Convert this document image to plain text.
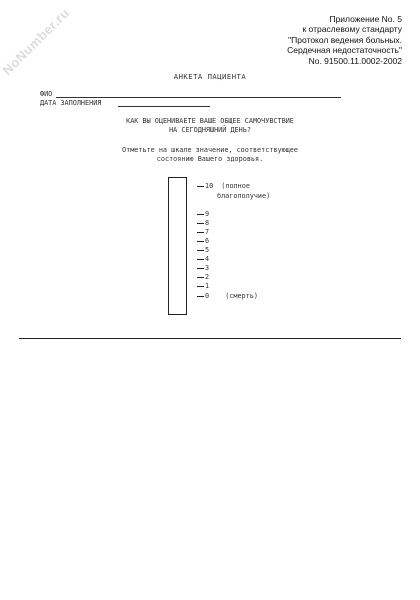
NoNumber.ru	Приложение No. 5
к отраслевому стандарту
"Протокол ведения больных.
Сердечная недостаточность"
No. 91500.11.0002-2002
АНКЕТА ПАЦИЕНТА
ФИО
ДАТА ЗАПОЛНЕНИЯ
КАК ВЫ ОЦЕНИВАЕТЕ ВАШЕ ОБЩЕЕ САМОЧУВСТВИЕ
НА СЕГОДНЯШНИЙ ДЕНЬ?
Отметьте на шкале значение, соответствующее
состоянию Вашего здоровья.
10 (полное
благополучие)
9
8
7
6
5
4
3
2
1
0 (смерть)
